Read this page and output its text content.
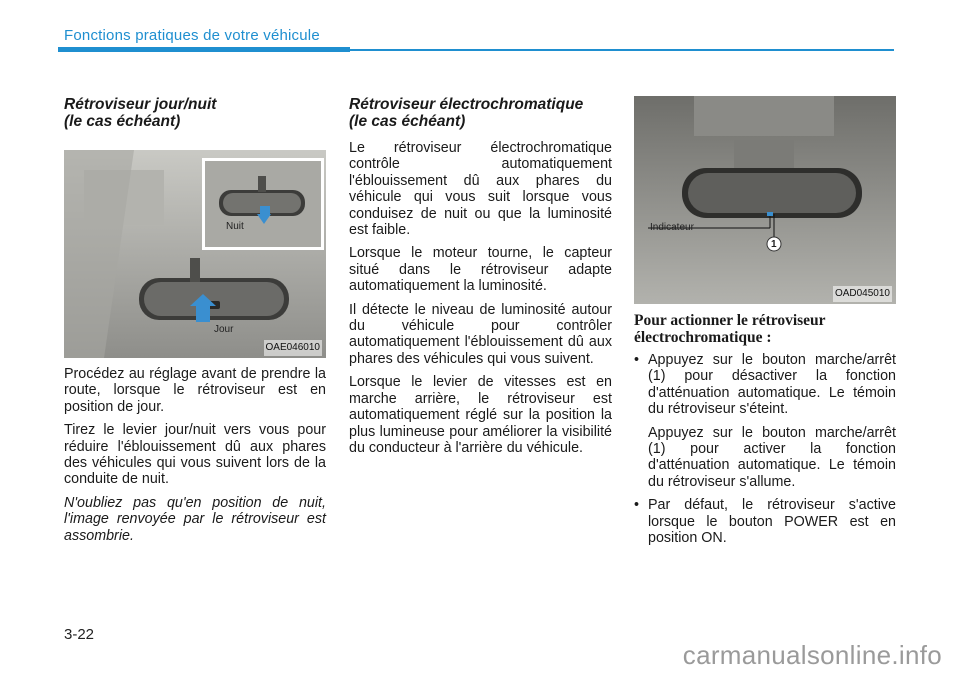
Fonctions pratiques de votre véhicule
Rétroviseur jour/nuit
(le cas échéant)
Nuit
Jour
OAE046010

Procédez au réglage avant de prendre la route, lorsque le rétroviseur est en position de jour.

Tirez le levier jour/nuit vers vous pour réduire l'éblouissement dû aux phares des véhicules qui vous suivent lors de la conduite de nuit.

N'oubliez pas qu'en position de nuit, l'image renvoyée par le rétroviseur est assombrie.

Rétroviseur électrochromatique
(le cas échéant)

Le rétroviseur électrochromatique contrôle automatiquement l'éblouissement dû aux phares du véhicule qui vous suit lorsque vous conduisez de nuit ou que la luminosité est faible.

Lorsque le moteur tourne, le capteur situé dans le rétroviseur adapte automatiquement la luminosité.

Il détecte le niveau de luminosité autour du véhicule pour contrôler automatiquement l'éblouissement dû aux phares des véhicules qui vous suivent.

Lorsque le levier de vitesses est en marche arrière, le rétroviseur est automatiquement réglé sur la position la plus lumineuse pour améliorer la visibilité du conducteur à l'arrière du véhicule.

Indicateur
1
OAD045010
Pour actionner le rétroviseur
électrochromatique :
• Appuyez sur le bouton marche/arrêt (1) pour désactiver la fonction d'atténuation automatique. Le témoin du rétroviseur s'éteint.

Appuyez sur le bouton marche/arrêt (1) pour activer la fonction d'atténuation automatique. Le témoin du rétroviseur s'allume.

• Par défaut, le rétroviseur s'active lorsque le bouton POWER est en position ON.

3-22
carmanualsonline.info
